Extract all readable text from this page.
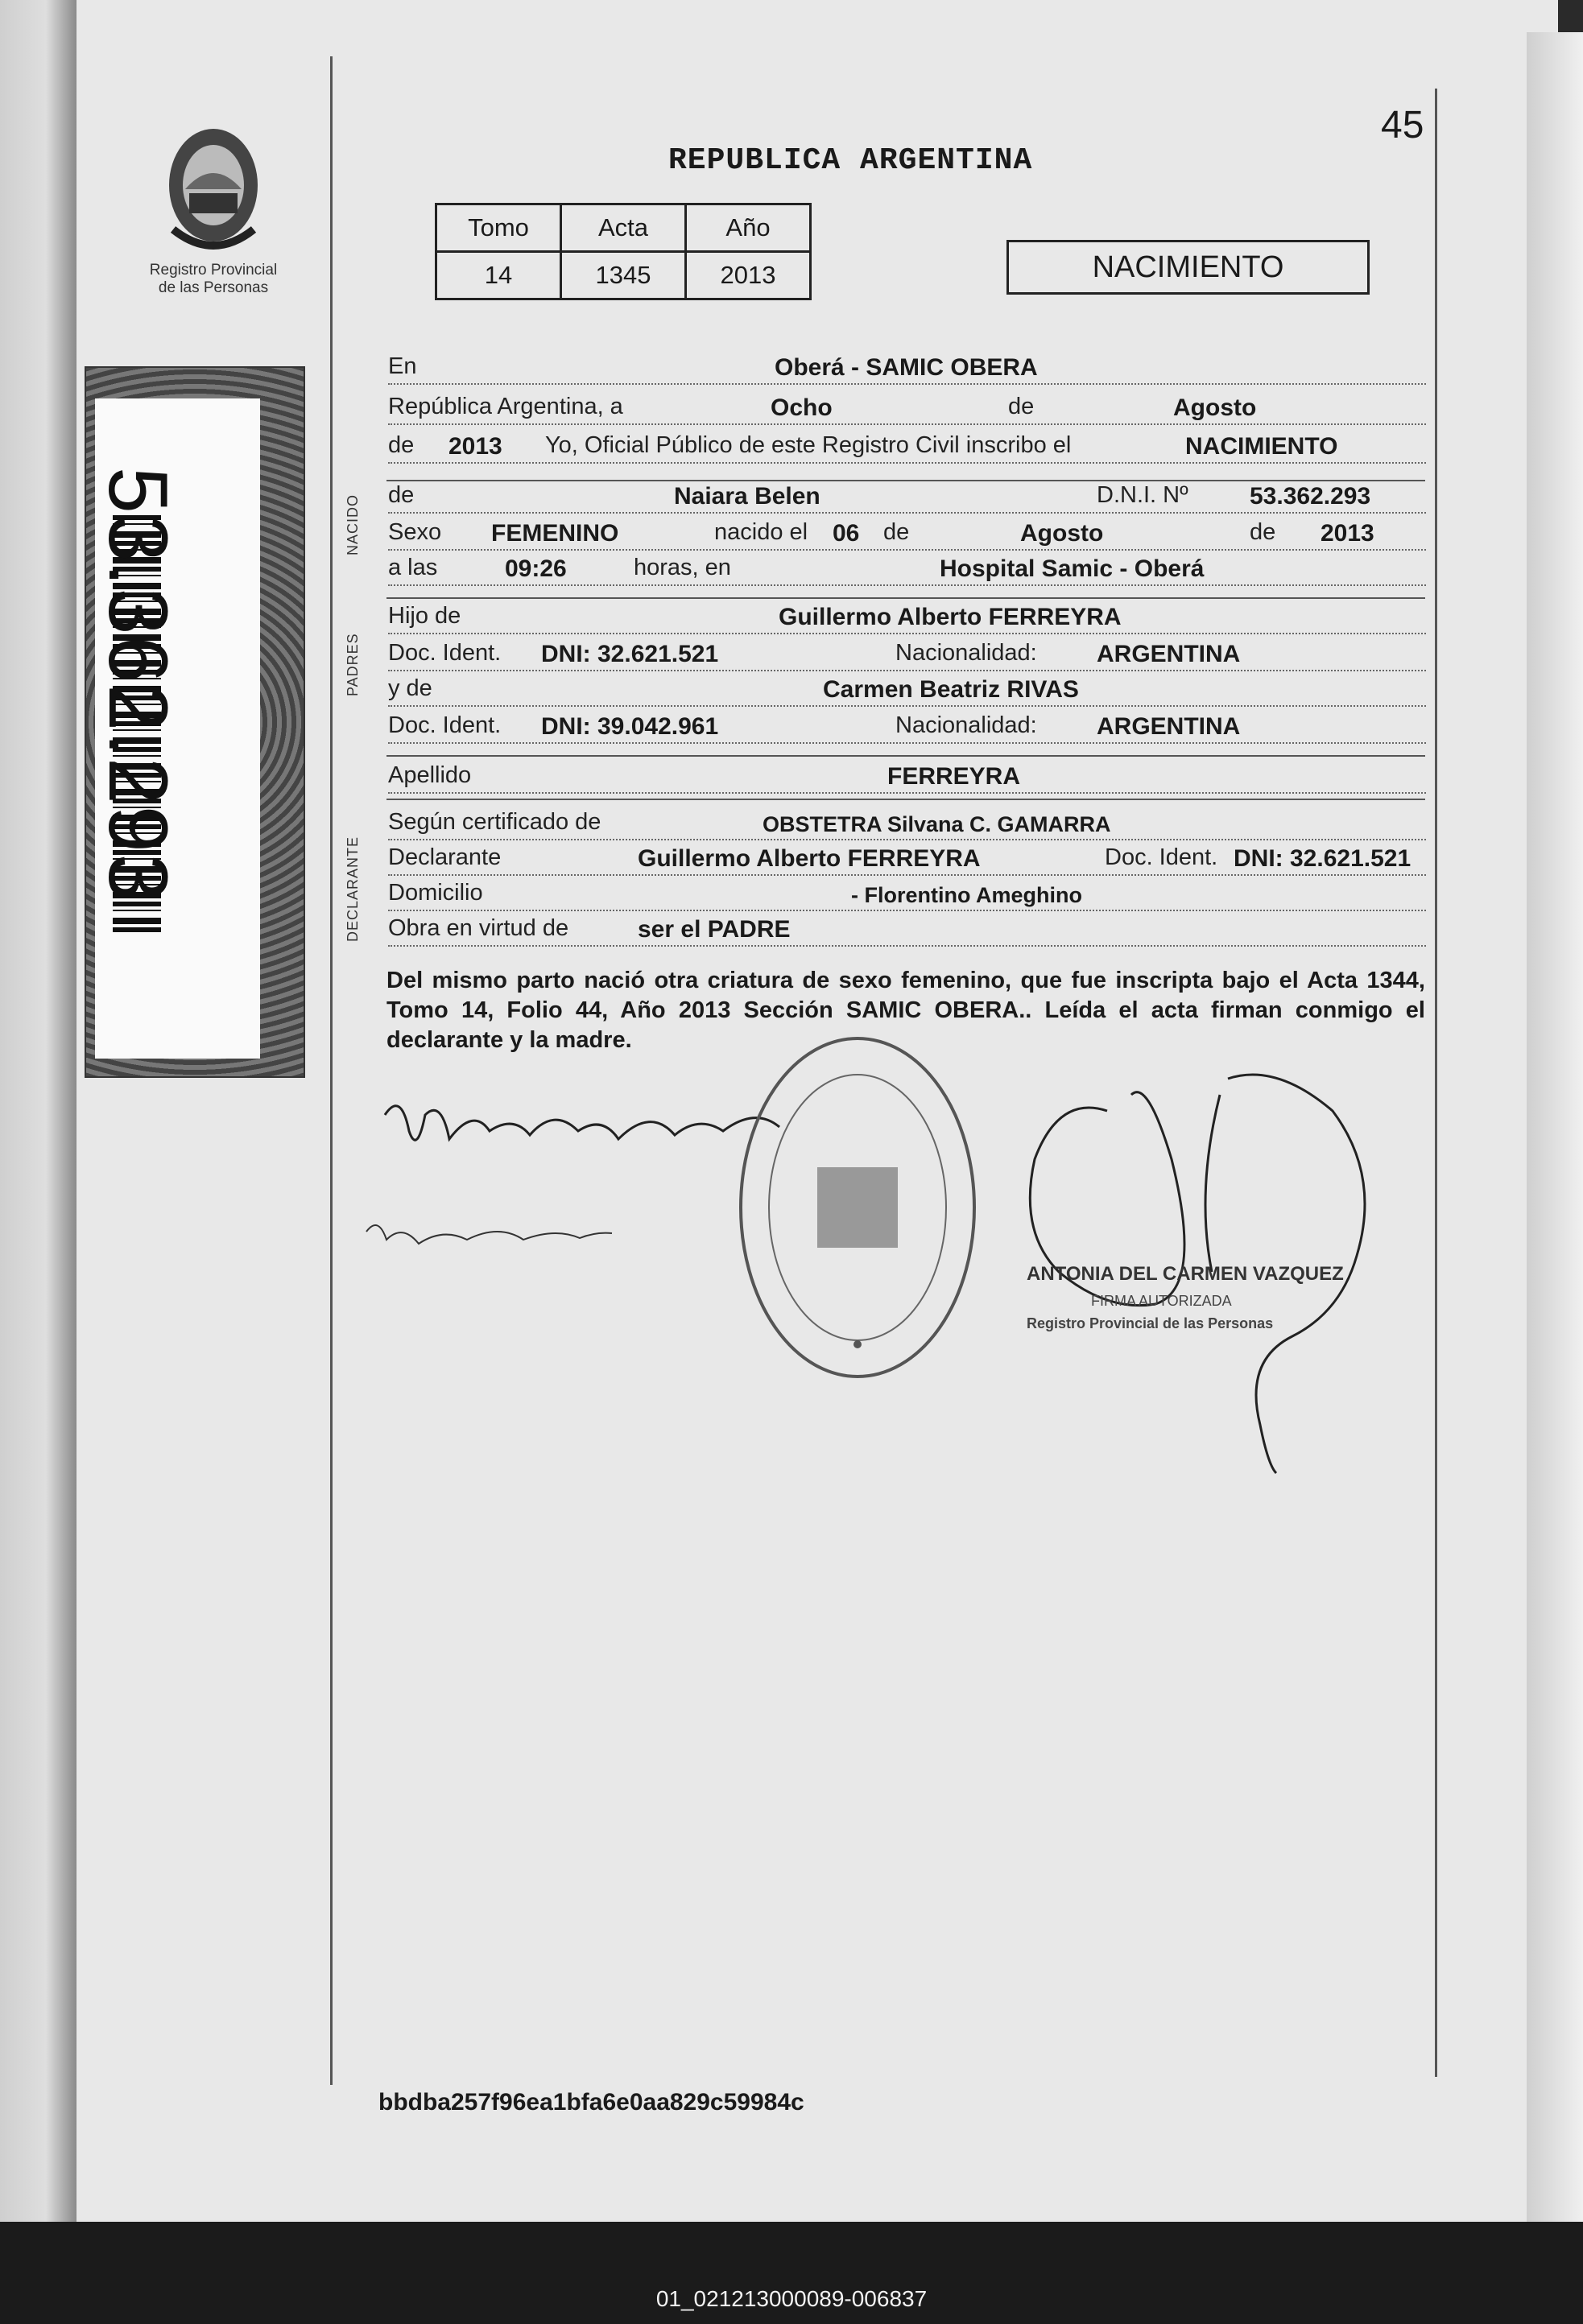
Registro Provincial
de las Personas
53.362.293
45
REPUBLICA ARGENTINA
Tomo	Acta	Año
14	1345	2013	NACIMIENTO
En	Oberá - SAMIC OBERA
República Argentina, a	Ocho	de	Agosto
de 2013 Yo, Oficial Público de este Registro Civil inscribo el	NACIMIENTO
de	Naiara Belen	D.N.I. Nº	53.362.293
Sexo FEMENINO	nacido el 06 de	Agosto	de 2013
a las	09:26	horas, en	Hospital Samic - Oberá
Hijo de	Guillermo Alberto FERREYRA
Doc. Ident. DNI: 32.621.521	Nacionalidad: ARGENTINA
y de	Carmen Beatriz RIVAS
Doc. Ident. DNI: 39.042.961	Nacionalidad: ARGENTINA
Apellido	FERREYRA
Según certificado de	OBSTETRA Silvana C. GAMARRA
Declarante	Guillermo Alberto FERREYRA	Doc. Ident. DNI: 32.621.521
Domicilio	- Florentino Ameghino
Obra en virtud de	ser el PADRE
NACIDO
PADRES
DECLARANTE
Del mismo parto nació otra criatura de sexo femenino, que fue inscripta bajo el Acta 1344, Tomo 14, Folio 44, Año 2013 Sección SAMIC OBERA.. Leída el acta firman conmigo el declarante y la madre.
ANTONIA DEL CARMEN VAZQUEZ
FIRMA AUTORIZADA
Registro Provincial de las Personas
bbdba257f96ea1bfa6e0aa829c59984c
01_021213000089-006837
